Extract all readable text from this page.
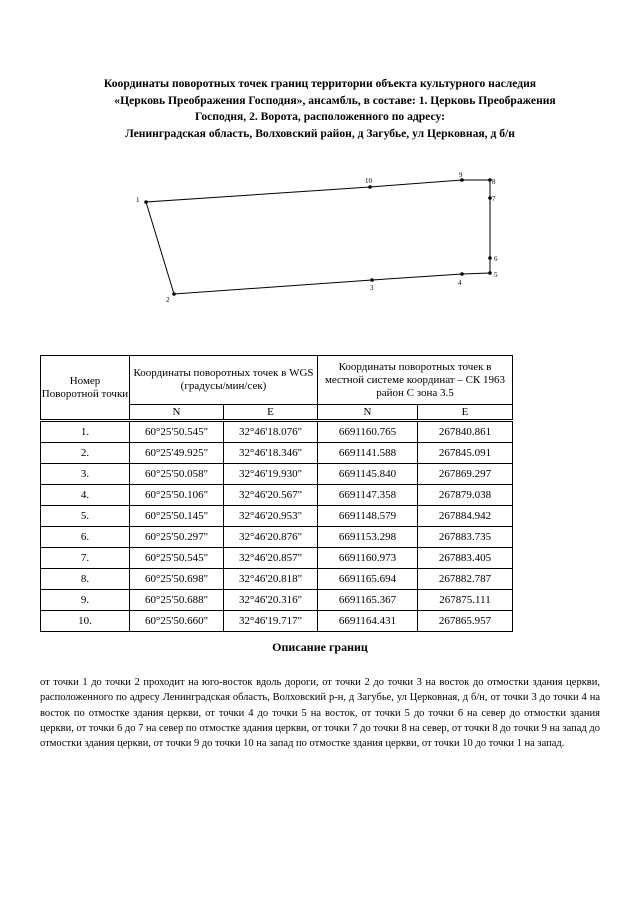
Координаты поворотных точек границ территории объекта культурного наследия
«Церковь Преображения Господня», ансамбль, в составе: 1. Церковь Преображения
Господня, 2. Ворота, расположенного по адресу:
Ленинградская область, Волховский район, д Загубье, ул Церковная, д б/н
1
2
3
4
5
6
7
8
9
10
Номер Поворотной точки	Координаты поворотных точек в WGS (градусы/мин/сек)		Координаты поворотных точек в местной системе координат – СК 1963 район С зона 3.5	
	N	E	N	E
1.	60°25'50.545"	32°46'18.076"	6691160.765	267840.861
2.	60°25'49.925"	32°46'18.346"	6691141.588	267845.091
3.	60°25'50.058"	32°46'19.930"	6691145.840	267869.297
4.	60°25'50.106"	32°46'20.567"	6691147.358	267879.038
5.	60°25'50.145"	32°46'20.953"	6691148.579	267884.942
6.	60°25'50.297"	32°46'20.876"	6691153.298	267883.735
7.	60°25'50.545"	32°46'20.857"	6691160.973	267883.405
8.	60°25'50.698"	32°46'20.818"	6691165.694	267882.787
9.	60°25'50.688"	32°46'20.316"	6691165.367	267875.111
10.	60°25'50.660"	32°46'19.717"	6691164.431	267865.957
Описание границ
от точки 1 до точки 2 проходит на юго-восток вдоль дороги, от точки 2 до точки 3 на восток до отмостки здания церкви, расположенного по адресу Ленинградская область, Волховский р-н, д Загубье, ул Церковная, д б/н, от точки 3 до точки 4 на восток по отмостке здания церкви, от точки 4 до точки 5 на восток, от точки 5 до точки 6 на север до отмостки здания церкви, от точки 6 до 7 на север по отмостке здания церкви, от точки 7 до точки 8 на север, от точки 8 до точки 9 на запад до отмостки здания церкви, от точки 9 до точки 10 на запад по отмостке здания церкви, от точки 10 до точки 1 на запад.
